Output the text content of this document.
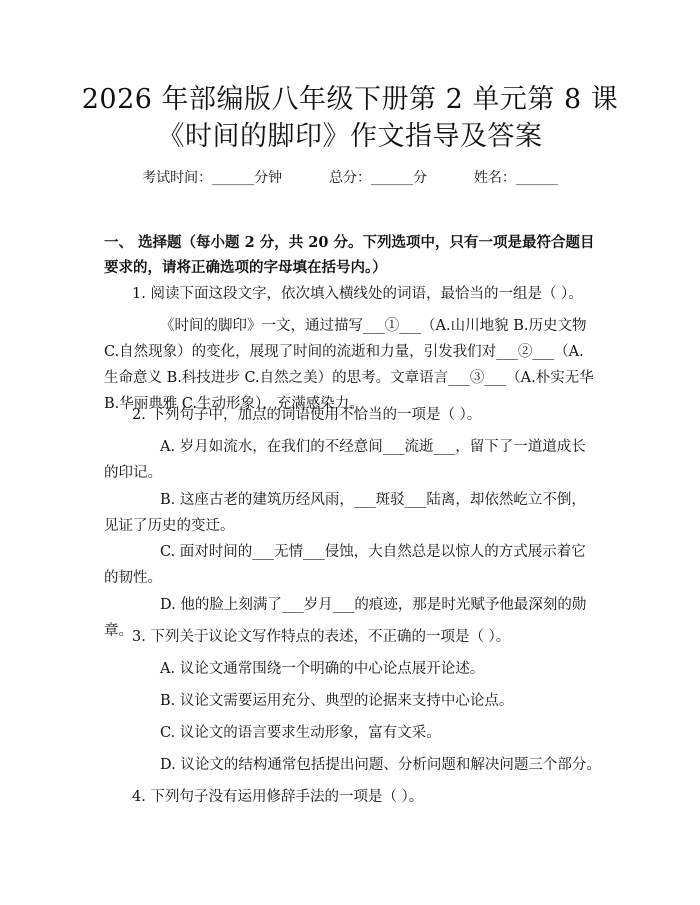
2026 年部编版八年级下册第 2 单元第 8 课
《时间的脚印》作文指导及答案
考试时间：______分钟	总分：______分	姓名：______
一、 选择题（每小题 2 分，共 20 分。下列选项中，只有一项是最符合题目要求的，请将正确选项的字母填在括号内。）
1. 阅读下面这段文字，依次填入横线处的词语，最恰当的一组是（ ）。
《时间的脚印》一文，通过描写___①___（A.山川地貌 B.历史文物 C.自然现象）的变化，展现了时间的流逝和力量，引发我们对___②___（A.生命意义 B.科技进步 C.自然之美）的思考。文章语言___③___（A.朴实无华 B.华丽典雅 C.生动形象），充满感染力。
2. 下列句子中，加点的词语使用不恰当的一项是（ ）。
A. 岁月如流水，在我们的不经意间___流逝___，留下了一道道成长的印记。
B. 这座古老的建筑历经风雨，___斑驳___陆离，却依然屹立不倒，见证了历史的变迁。
C. 面对时间的___无情___侵蚀，大自然总是以惊人的方式展示着它的韧性。
D. 他的脸上刻满了___岁月___的痕迹，那是时光赋予他最深刻的勋章。 3. 下列关于议论文写作特点的表述，不正确的一项是（ ）。
A. 议论文通常围绕一个明确的中心论点展开论述。
B. 议论文需要运用充分、典型的论据来支持中心论点。
C. 议论文的语言要求生动形象，富有文采。
D. 议论文的结构通常包括提出问题、分析问题和解决问题三个部分。
4. 下列句子没有运用修辞手法的一项是（ ）。
